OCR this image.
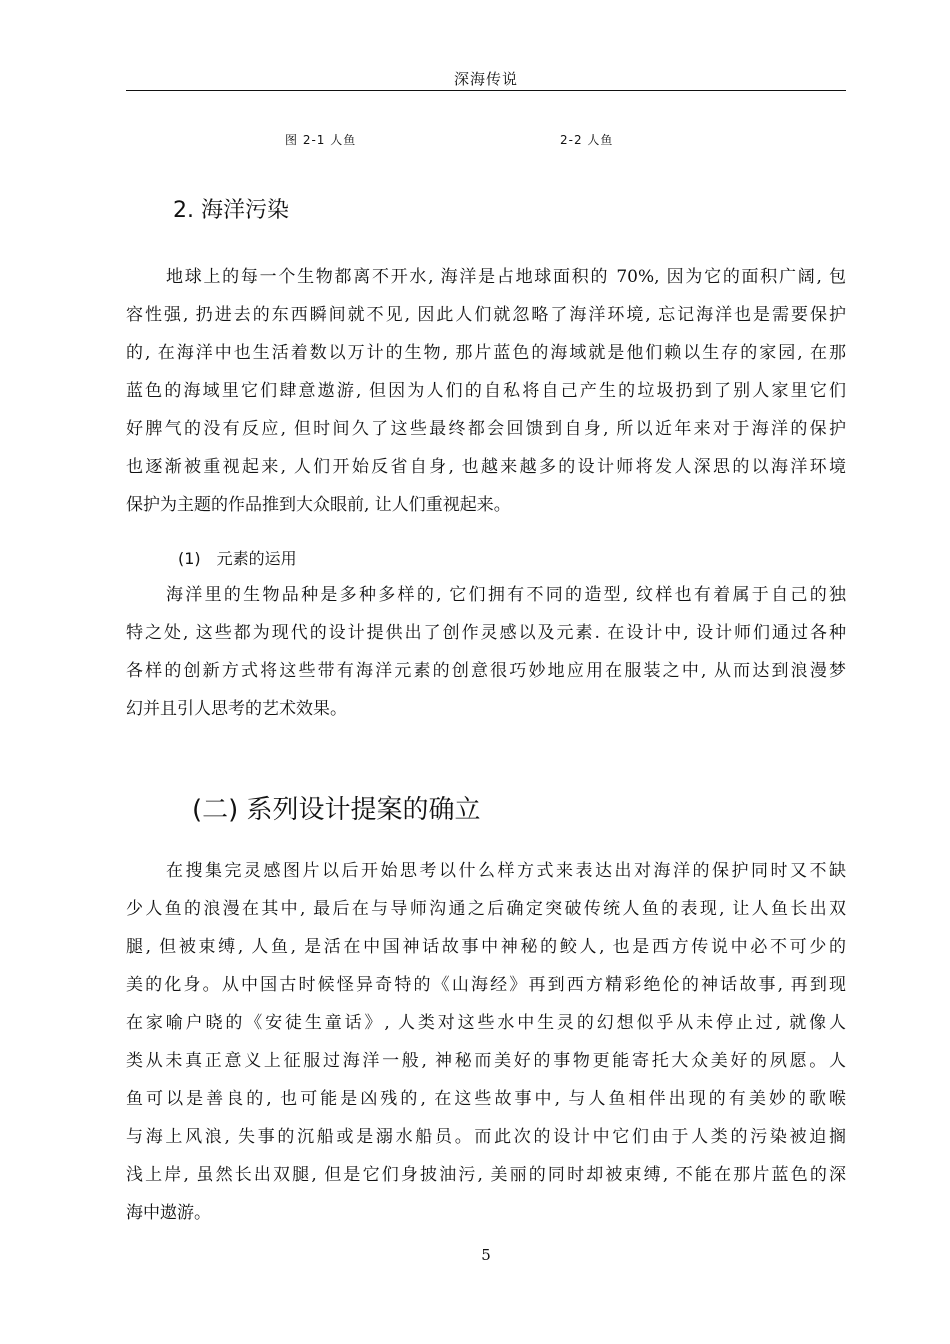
深海传说
图 2-1 人鱼	2-2 人鱼
2. 海洋污染
地球上的每一个生物都离不开水, 海洋是占地球面积的 70%, 因为它的面积广阔, 包
容性强, 扔进去的东西瞬间就不见, 因此人们就忽略了海洋环境, 忘记海洋也是需要保护
的, 在海洋中也生活着数以万计的生物, 那片蓝色的海域就是他们赖以生存的家园, 在那
蓝色的海域里它们肆意遨游, 但因为人们的自私将自己产生的垃圾扔到了别人家里它们
好脾气的没有反应, 但时间久了这些最终都会回馈到自身, 所以近年来对于海洋的保护
也逐渐被重视起来, 人们开始反省自身, 也越来越多的设计师将发人深思的以海洋环境
保护为主题的作品推到大众眼前, 让人们重视起来。
(1) 元素的运用
海洋里的生物品种是多种多样的, 它们拥有不同的造型, 纹样也有着属于自己的独
特之处, 这些都为现代的设计提供出了创作灵感以及元素. 在设计中, 设计师们通过各种
各样的创新方式将这些带有海洋元素的创意很巧妙地应用在服装之中, 从而达到浪漫梦
幻并且引人思考的艺术效果。
(二) 系列设计提案的确立
在搜集完灵感图片以后开始思考以什么样方式来表达出对海洋的保护同时又不缺
少人鱼的浪漫在其中, 最后在与导师沟通之后确定突破传统人鱼的表现, 让人鱼长出双
腿, 但被束缚, 人鱼, 是活在中国神话故事中神秘的鲛人, 也是西方传说中必不可少的
美的化身。从中国古时候怪异奇特的《山海经》再到西方精彩绝伦的神话故事, 再到现
在家喻户晓的《安徒生童话》, 人类对这些水中生灵的幻想似乎从未停止过, 就像人
类从未真正意义上征服过海洋一般, 神秘而美好的事物更能寄托大众美好的夙愿。人
鱼可以是善良的, 也可能是凶残的, 在这些故事中, 与人鱼相伴出现的有美妙的歌喉
与海上风浪, 失事的沉船或是溺水船员。而此次的设计中它们由于人类的污染被迫搁
浅上岸, 虽然长出双腿, 但是它们身披油污, 美丽的同时却被束缚, 不能在那片蓝色的深
海中遨游。
5
